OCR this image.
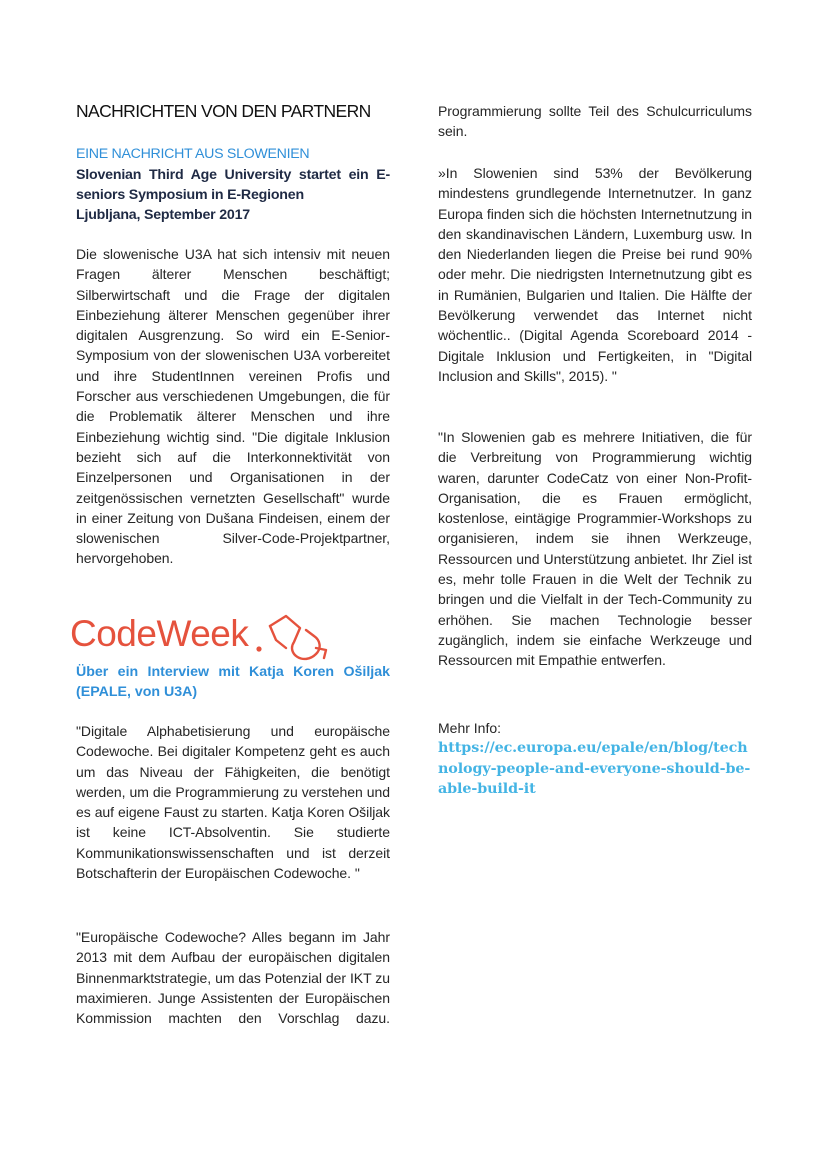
NACHRICHTEN VON DEN PARTNERN
EINE NACHRICHT AUS SLOWENIEN
Slovenian Third Age University startet ein E-seniors Symposium in E-Regionen
Ljubljana, September 2017

Die slowenische U3A hat sich intensiv mit neuen Fragen älterer Menschen beschäftigt; Silberwirtschaft und die Frage der digitalen Einbeziehung älterer Menschen gegenüber ihrer digitalen Ausgrenzung. So wird ein E-Senior-Symposium von der slowenischen U3A vorbereitet und ihre StudentInnen vereinen Profis und Forscher aus verschiedenen Umgebungen, die für die Problematik älterer Menschen und ihre Einbeziehung wichtig sind. "Die digitale Inklusion bezieht sich auf die Interkonnektivität von Einzelpersonen und Organisationen in der zeitgenössischen vernetzten Gesellschaft" wurde in einer Zeitung von Dušana Findeisen, einem der slowenischen Silver-Code-Projektpartner, hervorgehoben.

CodeWeek
Über ein Interview mit Katja Koren Ošiljak (EPALE, von U3A)

"Digitale Alphabetisierung und europäische Codewoche. Bei digitaler Kompetenz geht es auch um das Niveau der Fähigkeiten, die benötigt werden, um die Programmierung zu verstehen und es auf eigene Faust zu starten. Katja Koren Ošiljak ist keine ICT-Absolventin. Sie studierte Kommunikationswissenschaften und ist derzeit Botschafterin der Europäischen Codewoche. "

"Europäische Codewoche? Alles begann im Jahr 2013 mit dem Aufbau der europäischen digitalen Binnenmarktstrategie, um das Potenzial der IKT zu maximieren. Junge Assistenten der Europäischen Kommission machten den Vorschlag dazu.

Programmierung sollte Teil des Schulcurriculums sein.

»In Slowenien sind 53% der Bevölkerung mindestens grundlegende Internetnutzer. In ganz Europa finden sich die höchsten Internetnutzung in den skandinavischen Ländern, Luxemburg usw. In den Niederlanden liegen die Preise bei rund 90% oder mehr. Die niedrigsten Internetnutzung gibt es in Rumänien, Bulgarien und Italien. Die Hälfte der Bevölkerung verwendet das Internet nicht wöchentlic.. (Digital Agenda Scoreboard 2014 - Digitale Inklusion und Fertigkeiten, in "Digital Inclusion and Skills", 2015). "

"In Slowenien gab es mehrere Initiativen, die für die Verbreitung von Programmierung wichtig waren, darunter CodeCatz von einer Non-Profit-Organisation, die es Frauen ermöglicht, kostenlose, eintägige Programmier-Workshops zu organisieren, indem sie ihnen Werkzeuge, Ressourcen und Unterstützung anbietet. Ihr Ziel ist es, mehr tolle Frauen in die Welt der Technik zu bringen und die Vielfalt in der Tech-Community zu erhöhen. Sie machen Technologie besser zugänglich, indem sie einfache Werkzeuge und Ressourcen mit Empathie entwerfen.

Mehr Info:
https://ec.europa.eu/epale/en/blog/technology-people-and-everyone-should-be-able-build-it
